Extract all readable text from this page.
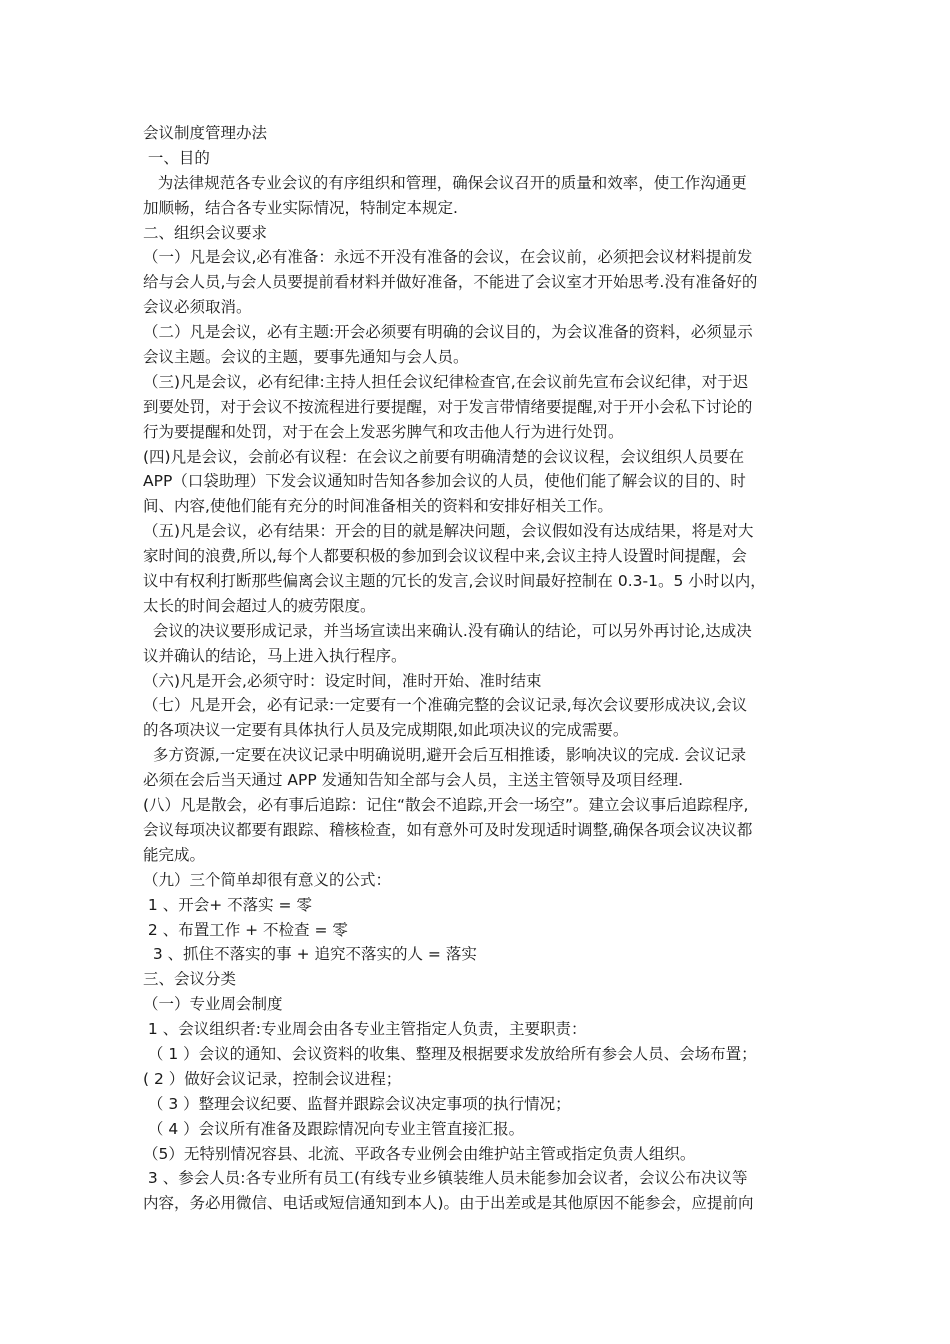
会议制度管理办法
一、目的
为法律规范各专业会议的有序组织和管理，确保会议召开的质量和效率，使工作沟通更
加顺畅，结合各专业实际情况，特制定本规定.
二、组织会议要求
（一）凡是会议,必有准备：永远不开没有准备的会议，在会议前，必须把会议材料提前发
给与会人员,与会人员要提前看材料并做好准备，不能进了会议室才开始思考.没有准备好的
会议必须取消。
（二）凡是会议，必有主题:开会必须要有明确的会议目的，为会议准备的资料，必须显示
会议主题。会议的主题，要事先通知与会人员。
（三)凡是会议，必有纪律:主持人担任会议纪律检查官,在会议前先宣布会议纪律，对于迟
到要处罚，对于会议不按流程进行要提醒，对于发言带情绪要提醒,对于开小会私下讨论的
行为要提醒和处罚，对于在会上发恶劣脾气和攻击他人行为进行处罚。
(四)凡是会议，会前必有议程：在会议之前要有明确清楚的会议议程，会议组织人员要在
APP（口袋助理）下发会议通知时告知各参加会议的人员，使他们能了解会议的目的、时
间、内容,使他们能有充分的时间准备相关的资料和安排好相关工作。
（五)凡是会议，必有结果：开会的目的就是解决问题，会议假如没有达成结果，将是对大
家时间的浪费,所以,每个人都要积极的参加到会议议程中来,会议主持人设置时间提醒，会
议中有权利打断那些偏离会议主题的冗长的发言,会议时间最好控制在 0.3-1。5 小时以内，
太长的时间会超过人的疲劳限度。
会议的决议要形成记录，并当场宣读出来确认.没有确认的结论，可以另外再讨论,达成决
议并确认的结论，马上进入执行程序。
（六)凡是开会,必须守时：设定时间，准时开始、准时结束
（七）凡是开会，必有记录:一定要有一个准确完整的会议记录,每次会议要形成决议,会议
的各项决议一定要有具体执行人员及完成期限,如此项决议的完成需要。
多方资源,一定要在决议记录中明确说明,避开会后互相推诿，影响决议的完成. 会议记录
必须在会后当天通过 APP 发通知告知全部与会人员，主送主管领导及项目经理.
(八）凡是散会，必有事后追踪：记住“散会不追踪,开会一场空”。建立会议事后追踪程序,
会议每项决议都要有跟踪、稽核检查，如有意外可及时发现适时调整,确保各项会议决议都
能完成。
（九）三个简单却很有意义的公式：
1 、开会+ 不落实 = 零
2 、布置工作 + 不检查 = 零
3 、抓住不落实的事 + 追究不落实的人 = 落实
三、会议分类
（一）专业周会制度
1 、会议组织者:专业周会由各专业主管指定人负责，主要职责：
（ 1 ）会议的通知、会议资料的收集、整理及根据要求发放给所有参会人员、会场布置；
( 2 ）做好会议记录，控制会议进程；
（ 3 ）整理会议纪要、监督并跟踪会议决定事项的执行情况；
（ 4 ）会议所有准备及跟踪情况向专业主管直接汇报。
（5）无特别情况容县、北流、平政各专业例会由维护站主管或指定负责人组织。
3 、参会人员:各专业所有员工(有线专业乡镇装维人员未能参加会议者，会议公布决议等
内容，务必用微信、电话或短信通知到本人)。由于出差或是其他原因不能参会，应提前向
